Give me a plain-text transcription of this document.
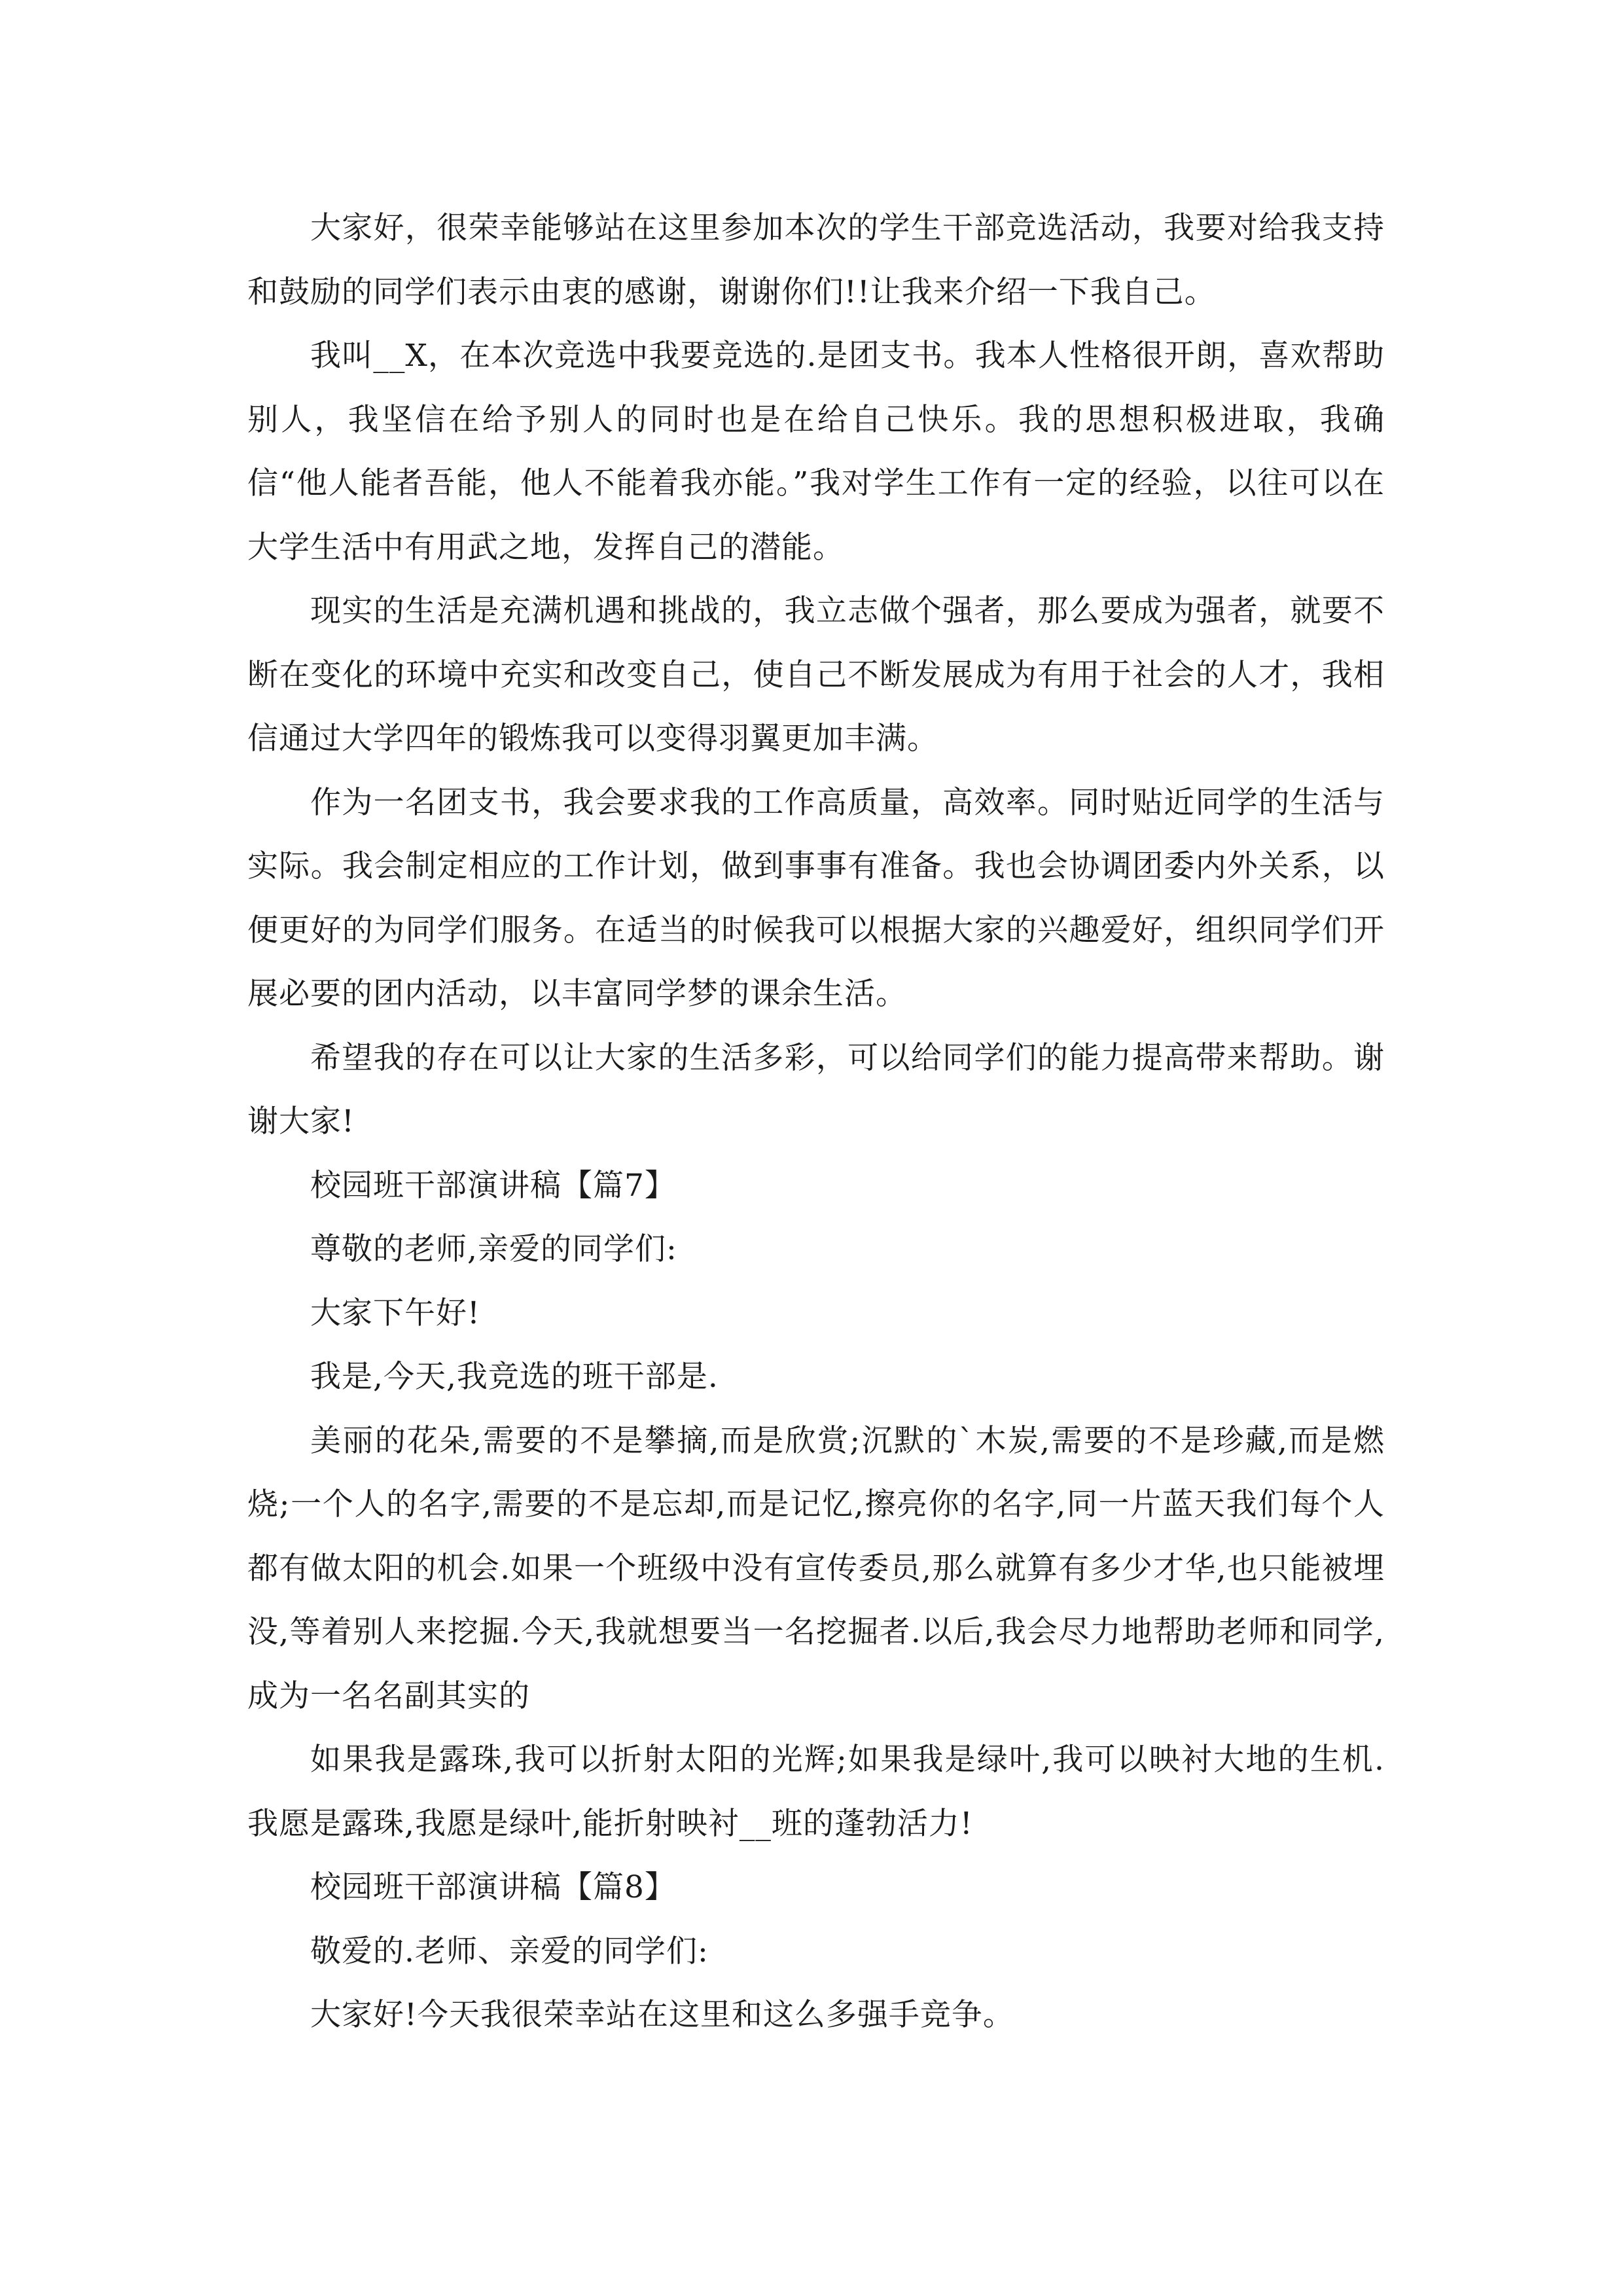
大家好，很荣幸能够站在这里参加本次的学生干部竞选活动，我要对给我支持和鼓励的同学们表示由衷的感谢，谢谢你们!!让我来介绍一下我自己。

我叫__X，在本次竞选中我要竞选的.是团支书。我本人性格很开朗，喜欢帮助别人，我坚信在给予别人的同时也是在给自己快乐。我的思想积极进取，我确信“他人能者吾能，他人不能着我亦能。”我对学生工作有一定的经验，以往可以在大学生活中有用武之地，发挥自己的潜能。

现实的生活是充满机遇和挑战的，我立志做个强者，那么要成为强者，就要不断在变化的环境中充实和改变自己，使自己不断发展成为有用于社会的人才，我相信通过大学四年的锻炼我可以变得羽翼更加丰满。

作为一名团支书，我会要求我的工作高质量，高效率。同时贴近同学的生活与实际。我会制定相应的工作计划，做到事事有准备。我也会协调团委内外关系，以便更好的为同学们服务。在适当的时候我可以根据大家的兴趣爱好，组织同学们开展必要的团内活动，以丰富同学梦的课余生活。

希望我的存在可以让大家的生活多彩，可以给同学们的能力提高带来帮助。谢谢大家!

校园班干部演讲稿【篇7】

尊敬的老师,亲爱的同学们:

大家下午好!

我是,今天,我竞选的班干部是.

美丽的花朵,需要的不是攀摘,而是欣赏;沉默的`木炭,需要的不是珍藏,而是燃烧;一个人的名字,需要的不是忘却,而是记忆,擦亮你的名字,同一片蓝天我们每个人都有做太阳的机会.如果一个班级中没有宣传委员,那么就算有多少才华,也只能被埋没,等着别人来挖掘.今天,我就想要当一名挖掘者.以后,我会尽力地帮助老师和同学,成为一名名副其实的

如果我是露珠,我可以折射太阳的光辉;如果我是绿叶,我可以映衬大地的生机.我愿是露珠,我愿是绿叶,能折射映衬__班的蓬勃活力!

校园班干部演讲稿【篇8】

敬爱的.老师、亲爱的同学们:

大家好!今天我很荣幸站在这里和这么多强手竞争。
